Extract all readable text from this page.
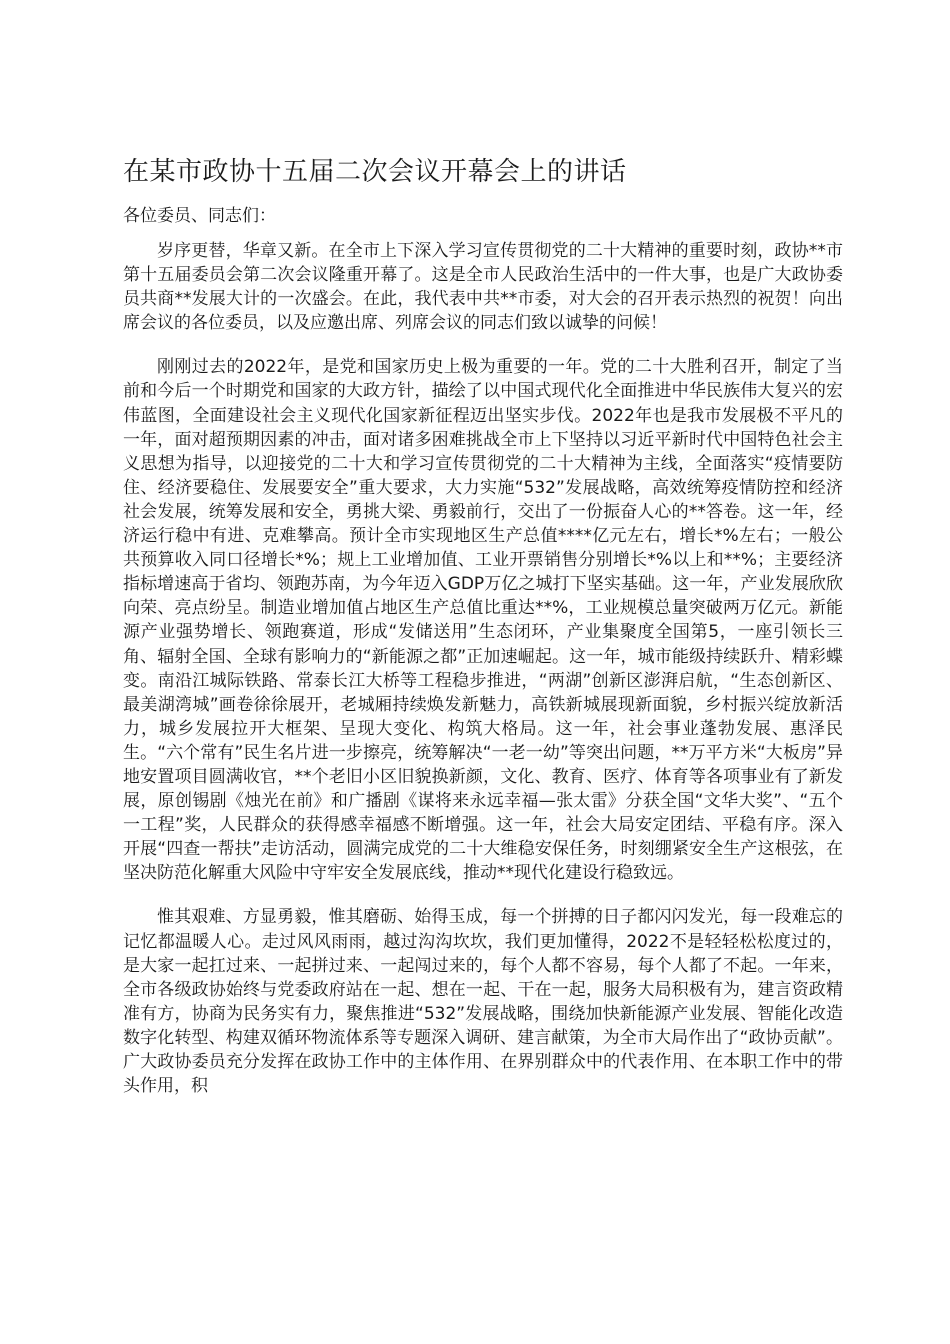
在某市政协十五届二次会议开幕会上的讲话

各位委员、同志们：

岁序更替，华章又新。在全市上下深入学习宣传贯彻党的二十大精神的重要时刻，政协**市第十五届委员会第二次会议隆重开幕了。这是全市人民政治生活中的一件大事，也是广大政协委员共商**发展大计的一次盛会。在此，我代表中共**市委，对大会的召开表示热烈的祝贺！向出席会议的各位委员，以及应邀出席、列席会议的同志们致以诚挚的问候！

刚刚过去的2022年，是党和国家历史上极为重要的一年。党的二十大胜利召开，制定了当前和今后一个时期党和国家的大政方针，描绘了以中国式现代化全面推进中华民族伟大复兴的宏伟蓝图，全面建设社会主义现代化国家新征程迈出坚实步伐。2022年也是我市发展极不平凡的一年，面对超预期因素的冲击，面对诸多困难挑战全市上下坚持以习近平新时代中国特色社会主义思想为指导，以迎接党的二十大和学习宣传贯彻党的二十大精神为主线，全面落实“疫情要防住、经济要稳住、发展要安全”重大要求，大力实施“532”发展战略，高效统筹疫情防控和经济社会发展，统筹发展和安全，勇挑大梁、勇毅前行，交出了一份振奋人心的**答卷。这一年，经济运行稳中有进、克难攀高。预计全市实现地区生产总值****亿元左右，增长*%左右；一般公共预算收入同口径增长*%；规上工业增加值、工业开票销售分别增长*%以上和**%；主要经济指标增速高于省均、领跑苏南，为今年迈入GDP万亿之城打下坚实基础。这一年，产业发展欣欣向荣、亮点纷呈。制造业增加值占地区生产总值比重达**%，工业规模总量突破两万亿元。新能源产业强势增长、领跑赛道，形成“发储送用”生态闭环，产业集聚度全国第5，一座引领长三角、辐射全国、全球有影响力的“新能源之都”正加速崛起。这一年，城市能级持续跃升、精彩蝶变。南沿江城际铁路、常泰长江大桥等工程稳步推进，“两湖”创新区澎湃启航，“生态创新区、最美湖湾城”画卷徐徐展开，老城厢持续焕发新魅力，高铁新城展现新面貌，乡村振兴绽放新活力，城乡发展拉开大框架、呈现大变化、构筑大格局。这一年，社会事业蓬勃发展、惠泽民生。“六个常有”民生名片进一步擦亮，统筹解决“一老一幼”等突出问题，**万平方米“大板房”异地安置项目圆满收官，**个老旧小区旧貌换新颜，文化、教育、医疗、体育等各项事业有了新发展，原创锡剧《烛光在前》和广播剧《谋将来永远幸福—张太雷》分获全国“文华大奖”、“五个一工程”奖，人民群众的获得感幸福感不断增强。这一年，社会大局安定团结、平稳有序。深入开展“四查一帮扶”走访活动，圆满完成党的二十大维稳安保任务，时刻绷紧安全生产这根弦，在坚决防范化解重大风险中守牢安全发展底线，推动**现代化建设行稳致远。

惟其艰难、方显勇毅，惟其磨砺、始得玉成，每一个拼搏的日子都闪闪发光，每一段难忘的记忆都温暖人心。走过风风雨雨，越过沟沟坎坎，我们更加懂得，2022不是轻轻松松度过的，是大家一起扛过来、一起拼过来、一起闯过来的，每个人都不容易，每个人都了不起。一年来，全市各级政协始终与党委政府站在一起、想在一起、干在一起，服务大局积极有为，建言资政精准有方，协商为民务实有力，聚焦推进“532”发展战略，围绕加快新能源产业发展、智能化改造数字化转型、构建双循环物流体系等专题深入调研、建言献策，为全市大局作出了“政协贡献”。广大政协委员充分发挥在政协工作中的主体作用、在界别群众中的代表作用、在本职工作中的带头作用，积
